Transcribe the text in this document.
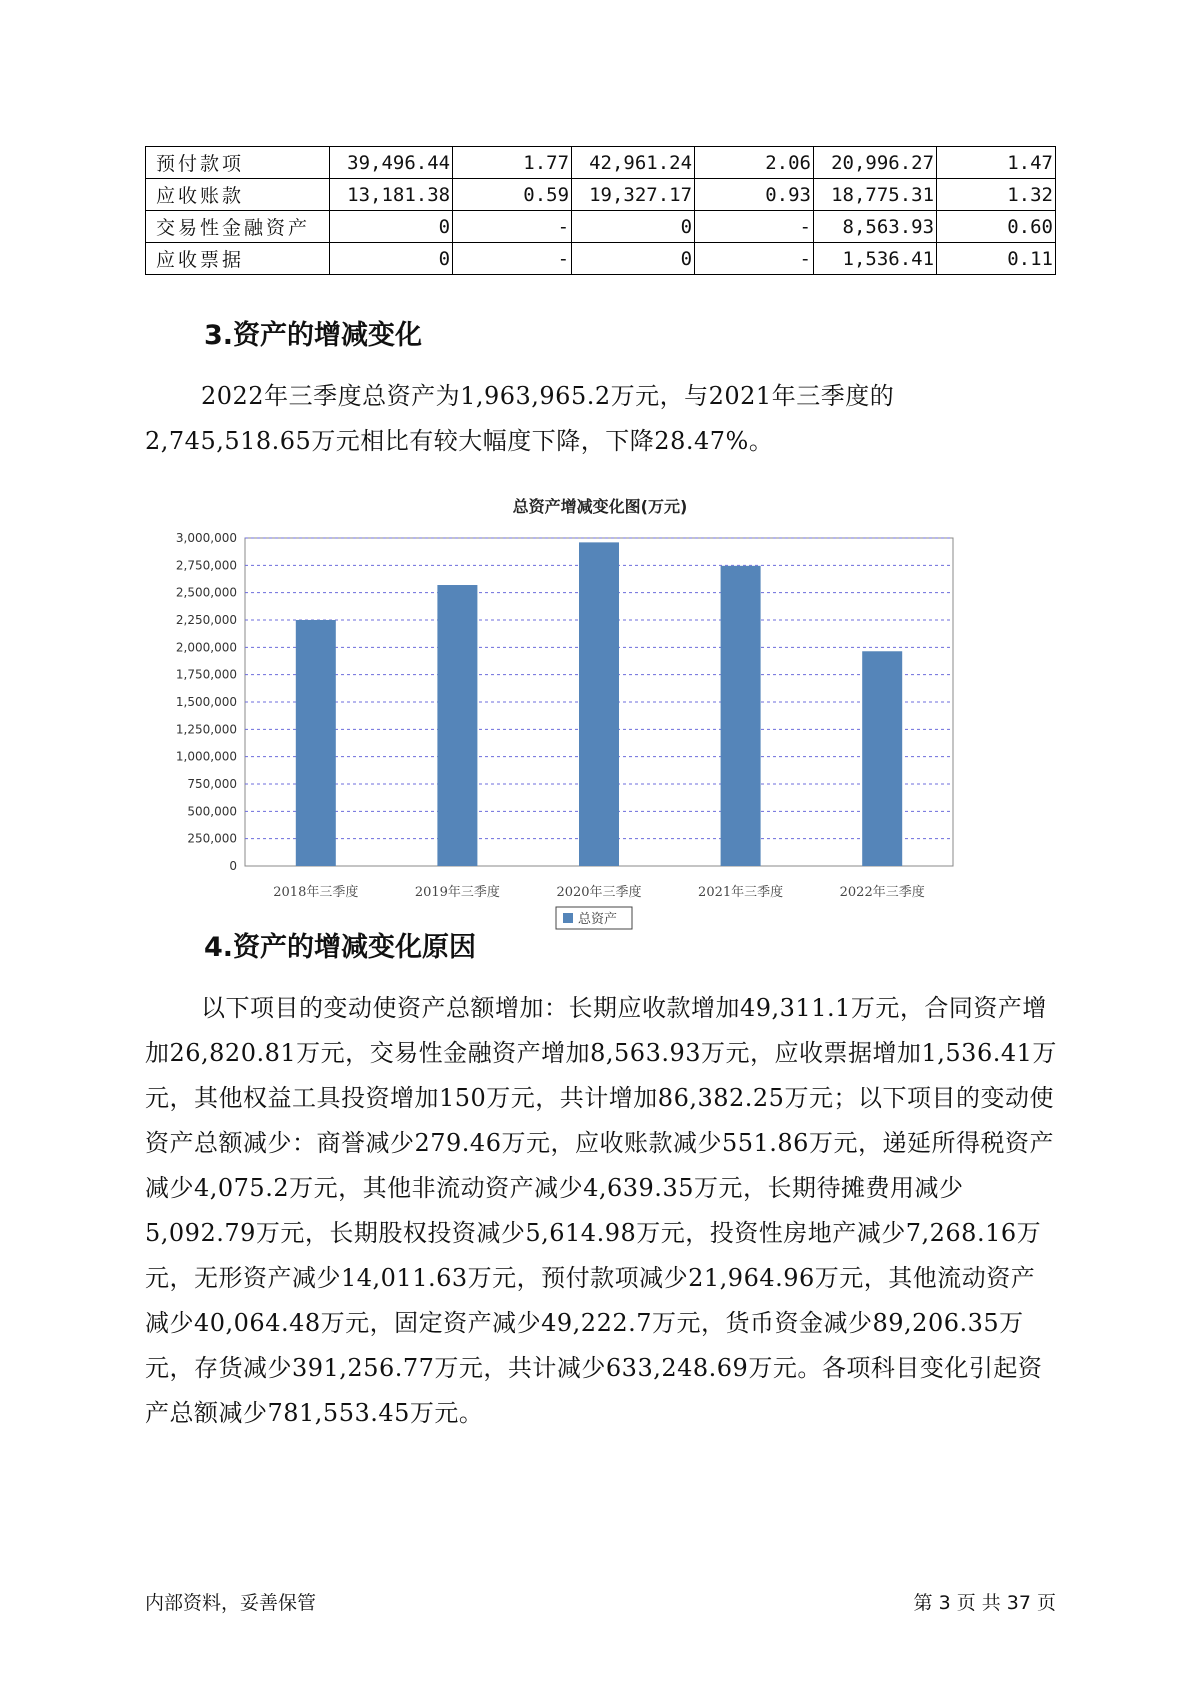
预付款项	39,496.44	1.77	42,961.24	2.06	20,996.27	1.47
应收账款	13,181.38	0.59	19,327.17	0.93	18,775.31	1.32
交易性金融资产	0	-	0	-	8,563.93	0.60
应收票据	0	-	0	-	1,536.41	0.11
3.资产的增减变化

2022年三季度总资产为1,963,965.2万元，与2021年三季度的2,745,518.65万元相比有较大幅度下降，下降28.47%。

总资产增减变化图(万元)
0
250,000
500,000
750,000
1,000,000
1,250,000
1,500,000
1,750,000
2,000,000
2,250,000
2,500,000
2,750,000
3,000,000
2018年三季度	2019年三季度	2020年三季度	2021年三季度	2022年三季度
总资产
4.资产的增减变化原因

以下项目的变动使资产总额增加：长期应收款增加49,311.1万元，合同资产增加26,820.81万元，交易性金融资产增加8,563.93万元，应收票据增加1,536.41万元，其他权益工具投资增加150万元，共计增加86,382.25万元；以下项目的变动使资产总额减少：商誉减少279.46万元，应收账款减少551.86万元，递延所得税资产减少4,075.2万元，其他非流动资产减少4,639.35万元，长期待摊费用减少5,092.79万元，长期股权投资减少5,614.98万元，投资性房地产减少7,268.16万元，无形资产减少14,011.63万元，预付款项减少21,964.96万元，其他流动资产减少40,064.48万元，固定资产减少49,222.7万元，货币资金减少89,206.35万元，存货减少391,256.77万元，共计减少633,248.69万元。各项科目变化引起资产总额减少781,553.45万元。

内部资料，妥善保管	第 3 页 共 37 页
